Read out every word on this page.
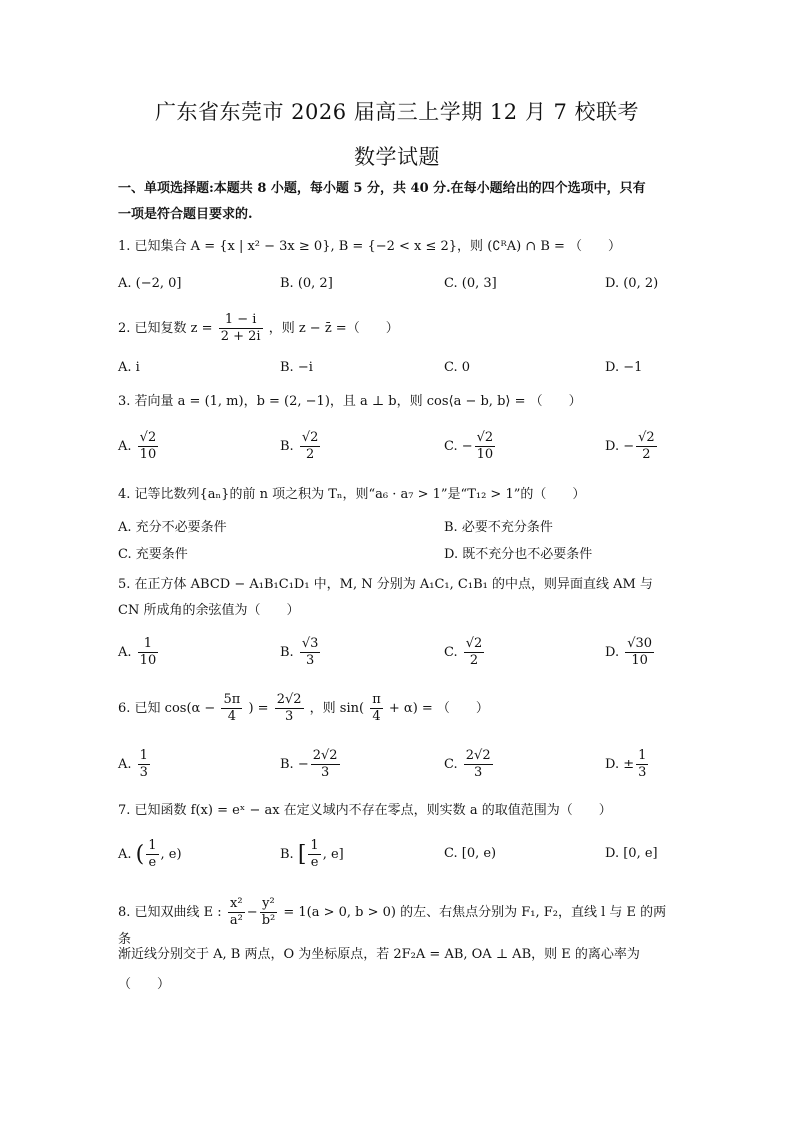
广东省东莞市 2026 届高三上学期 12 月 7 校联考
数学试题
一、单项选择题:本题共 8 小题，每小题 5 分，共 40 分.在每小题给出的四个选项中，只有
一项是符合题目要求的.
1. 已知集合 A = {x | x² − 3x ≥ 0}, B = {−2 < x ≤ 2}，则 (∁ᴿA) ∩ B = （　　）
A. (−2, 0]	B. (0, 2]	C. (0, 3]	D. (0, 2)
2. 已知复数 $z = \frac{1 - i}{2 + 2i}$ ，则 z − z̄ =（　　）
A. i	B. −i	C. 0	D. −1
3. 若向量 a = (1, m)，b = (2, −1)，且 a ⊥ b，则 cos⟨a − b, b⟩ = （　　）
A. $\frac{√2}{10}$	B. $\frac{√2}{2}$	C. − $\frac{√2}{10}$	D. − $\frac{√2}{2}$
4. 记等比数列{aₙ}的前 n 项之积为 Tₙ，则“a₆ · a₇ > 1”是“T₁₂ > 1”的（　　）
A. 充分不必要条件	B. 必要不充分条件
C. 充要条件	D. 既不充分也不必要条件
5. 在正方体 ABCD − A₁B₁C₁D₁ 中，M, N 分别为 A₁C₁, C₁B₁ 的中点，则异面直线 AM 与
CN 所成角的余弦值为（　　）
A. $\frac{1}{10}$	B. $\frac{√3}{3}$	C. $\frac{√2}{2}$	D. $\frac{√30}{10}$
6. 已知 $\cos(\alpha - \frac{5\pi}{4}$ ) = $\frac{2√2}{3}$ ，则 $\sin( \frac{\pi}{4} + \alpha)$ = （　　）
A. $\frac{1}{3}$	B. − $\frac{2√2}{3}$	C. $\frac{2√2}{3}$	D. ± $\frac{1}{3}$
7. 已知函数 f(x) = eˣ − ax 在定义域内不存在零点，则实数 a 的取值范围为（　　）
A. ( $\frac{1}{e}$ , e)	B. [ $\frac{1}{e}$ , e]	C. [0, e)	D. [0, e]
8. 已知双曲线 E : $\frac{\text{x²}}{\text{a²}} - \frac{\text{y²}}{\text{b²}} = 1(a > 0$, b > 0) 的左、右焦点分别为 F₁, F₂，直线 l 与 E 的两条
渐近线分别交于 A, B 两点，O 为坐标原点，若 2F₂A = AB, OA ⊥ AB，则 E 的离心率为
（　　）
